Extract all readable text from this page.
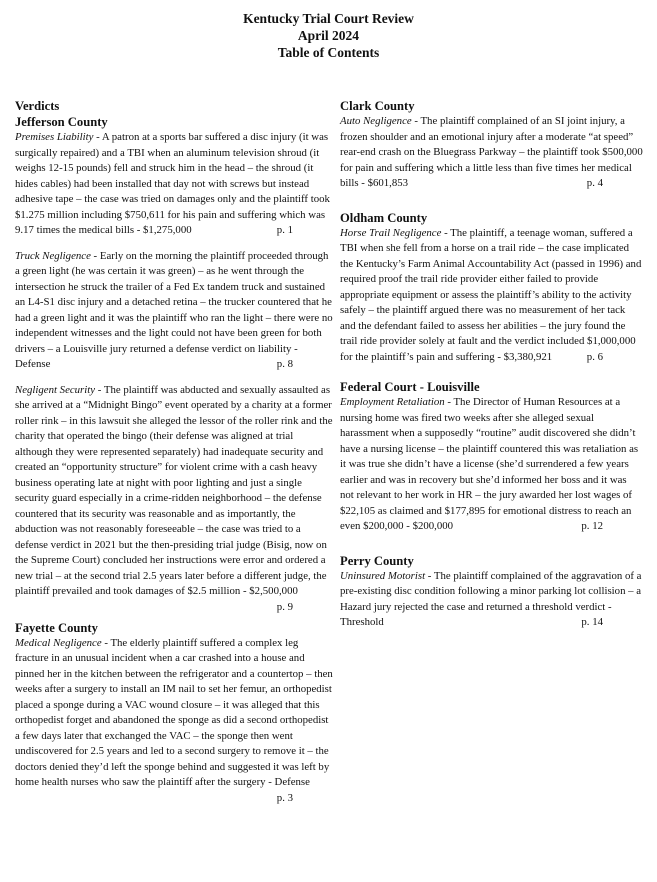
Kentucky Trial Court Review
April 2024
Table of Contents
Verdicts
Jefferson County

Premises Liability - A patron at a sports bar suffered a disc injury (it was surgically repaired) and a TBI when an aluminum television shroud (it weighs 12-15 pounds) fell and struck him in the head – the shroud (it hides cables) had been installed that day not with screws but instead adhesive tape – the case was tried on damages only and the plaintiff took $1.275 million including $750,611 for his pain and suffering which was 9.17 times the medical bills - $1,275,000	p. 1

Truck Negligence - Early on the morning the plaintiff proceeded through a green light (he was certain it was green) – as he went through the intersection he struck the trailer of a Fed Ex tandem truck and sustained an L4-S1 disc injury and a detached retina – the trucker countered that he had a green light and it was the plaintiff who ran the light – there were no independent witnesses and the light could not have been green for both drivers – a Louisville jury returned a defense verdict on liability - Defense	p. 8

Negligent Security - The plaintiff was abducted and sexually assaulted as she arrived at a “Midnight Bingo” event operated by a charity at a former roller rink – in this lawsuit she alleged the lessor of the roller rink and the charity that operated the bingo (their defense was aligned at trial although they were represented separately) had inadequate security and created an “opportunity structure” for violent crime with a cash heavy business operating late at night with poor lighting and just a single security guard especially in a crime-ridden neighborhood – the defense countered that its security was reasonable and as importantly, the abduction was not reasonably foreseeable – the case was tried to a defense verdict in 2021 but the then-presiding trial judge (Bisig, now on the Supreme Court) concluded her instructions were error and ordered a new trial – at the second trial 2.5 years later before a different judge, the plaintiff prevailed and took damages of $2.5 million - $2,500,000
p. 9

Fayette County

Medical Negligence - The elderly plaintiff suffered a complex leg fracture in an unusual incident when a car crashed into a house and pinned her in the kitchen between the refrigerator and a countertop – then weeks after a surgery to install an IM nail to set her femur, an orthopedist placed a sponge during a VAC wound closure – it was alleged that this orthopedist forget and abandoned the sponge as did a second orthopedist a few days later that exchanged the VAC – the sponge then went undiscovered for 2.5 years and led to a second surgery to remove it – the doctors denied they’d left the sponge behind and suggested it was left by home health nurses who saw the plaintiff after the surgery - Defense
p. 3

Clark County

Auto Negligence - The plaintiff complained of an SI joint injury, a frozen shoulder and an emotional injury after a moderate “at speed” rear-end crash on the Bluegrass Parkway – the plaintiff took $500,000 for pain and suffering which a little less than five times her medical bills - $601,853	p. 4

Oldham County

Horse Trail Negligence - The plaintiff, a teenage woman, suffered a TBI when she fell from a horse on a trail ride – the case implicated the Kentucky’s Farm Animal Accountability Act (passed in 1996) and required proof the trail ride provider either failed to provide appropriate equipment or assess the plaintiff’s ability to the activity safely – the plaintiff argued there was no measurement of her tack and the defendant failed to assess her abilities – the jury found the trail ride provider solely at fault and the verdict included $1,000,000 for the plaintiff’s pain and suffering - $3,380,921	p. 6

Federal Court - Louisville

Employment Retaliation - The Director of Human Resources at a nursing home was fired two weeks after she alleged sexual harassment when a supposedly “routine” audit discovered she didn’t have a nursing license – the plaintiff countered this was retaliation as it was true she didn’t have a license (she’d surrendered a few years earlier and was in recovery but she’d informed her boss and it was not relevant to her work in HR – the jury awarded her lost wages of $22,105 as claimed and $177,895 for emotional distress to reach an even $200,000 - $200,000	p. 12

Perry County

Uninsured Motorist - The plaintiff complained of the aggravation of a pre-existing disc condition following a minor parking lot collision – a Hazard jury rejected the case and returned a threshold verdict - Threshold	p. 14
